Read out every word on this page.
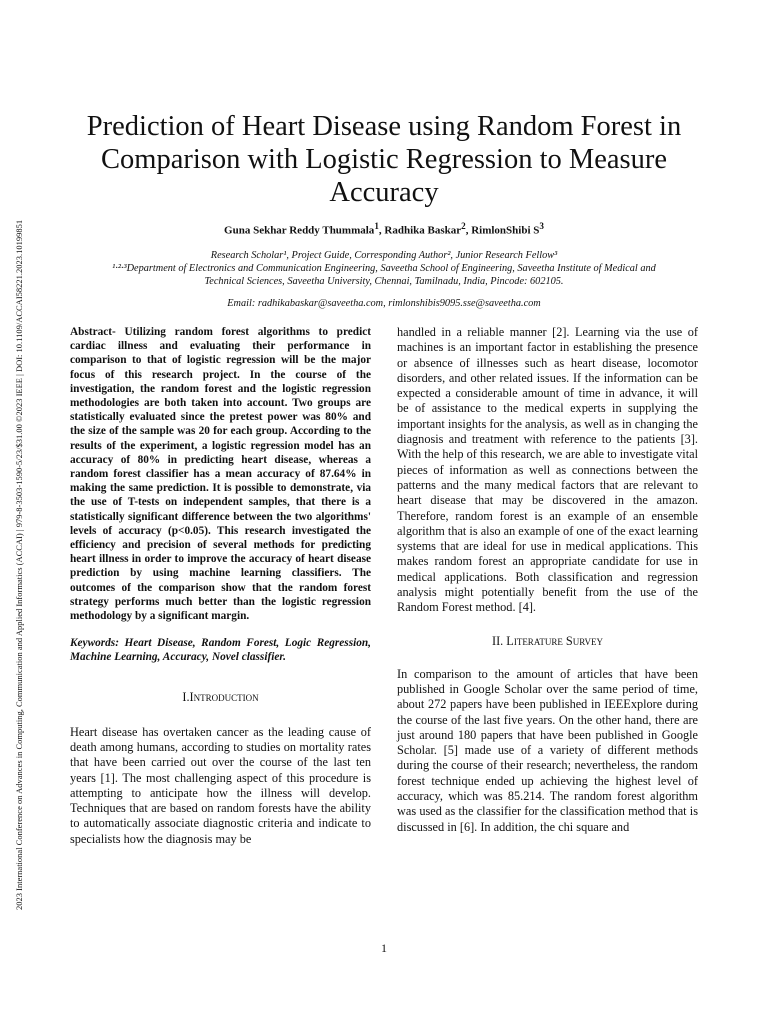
2023 International Conference on Advances in Computing, Communication and Applied Informatics (ACCAI) | 979-8-3503-1590-5/23/$31.00 ©2023 IEEE | DOI: 10.1109/ACCAI58221.2023.10199851
Prediction of Heart Disease using Random Forest in Comparison with Logistic Regression to Measure Accuracy
Guna Sekhar Reddy Thummala$^1$, Radhika Baskar$^2$, RimlonShibi $S^3$
Research Scholar¹, Project Guide, Corresponding Author², Junior Research Fellow³
¹·²·³Department of Electronics and Communication Engineering, Saveetha School of Engineering, Saveetha Institute of Medical and
Technical Sciences, Saveetha University, Chennai, Tamilnadu, India, Pincode: 602105.
Email: radhikabaskar@saveetha.com, rimlonshibis9095.sse@saveetha.com

Abstract- Utilizing random forest algorithms to predict cardiac illness and evaluating their performance in comparison to that of logistic regression will be the major focus of this research project. In the course of the investigation, the random forest and the logistic regression methodologies are both taken into account. Two groups are statistically evaluated since the pretest power was 80% and the size of the sample was 20 for each group. According to the results of the experiment, a logistic regression model has an accuracy of 80% in predicting heart disease, whereas a random forest classifier has a mean accuracy of 87.64% in making the same prediction. It is possible to demonstrate, via the use of T-tests on independent samples, that there is a statistically significant difference between the two algorithms' levels of accuracy (p<0.05). This research investigated the efficiency and precision of several methods for predicting heart illness in order to improve the accuracy of heart disease prediction by using machine learning classifiers. The outcomes of the comparison show that the random forest strategy performs much better than the logistic regression methodology by a significant margin.

Keywords: Heart Disease, Random Forest, Logic Regression, Machine Learning, Accuracy, Novel classifier.

I.Introduction

Heart disease has overtaken cancer as the leading cause of death among humans, according to studies on mortality rates that have been carried out over the course of the last ten years [1]. The most challenging aspect of this procedure is attempting to anticipate how the illness will develop. Techniques that are based on random forests have the ability to automatically associate diagnostic criteria and indicate to specialists how the diagnosis may be

handled in a reliable manner [2]. Learning via the use of machines is an important factor in establishing the presence or absence of illnesses such as heart disease, locomotor disorders, and other related issues. If the information can be expected a considerable amount of time in advance, it will be of assistance to the medical experts in supplying the important insights for the analysis, as well as in changing the diagnosis and treatment with reference to the patients [3]. With the help of this research, we are able to investigate vital pieces of information as well as connections between the patterns and the many medical factors that are relevant to heart disease that may be discovered in the amazon. Therefore, random forest is an example of an ensemble algorithm that is also an example of one of the exact learning systems that are ideal for use in medical applications. This makes random forest an appropriate candidate for use in medical applications. Both classification and regression analysis might potentially benefit from the use of the Random Forest method. [4].

II. Literature Survey

In comparison to the amount of articles that have been published in Google Scholar over the same period of time, about 272 papers have been published in IEEExplore during the course of the last five years. On the other hand, there are just around 180 papers that have been published in Google Scholar. [5] made use of a variety of different methods during the course of their research; nevertheless, the random forest technique ended up achieving the highest level of accuracy, which was 85.214. The random forest algorithm was used as the classifier for the classification method that is discussed in [6]. In addition, the chi square and

1
